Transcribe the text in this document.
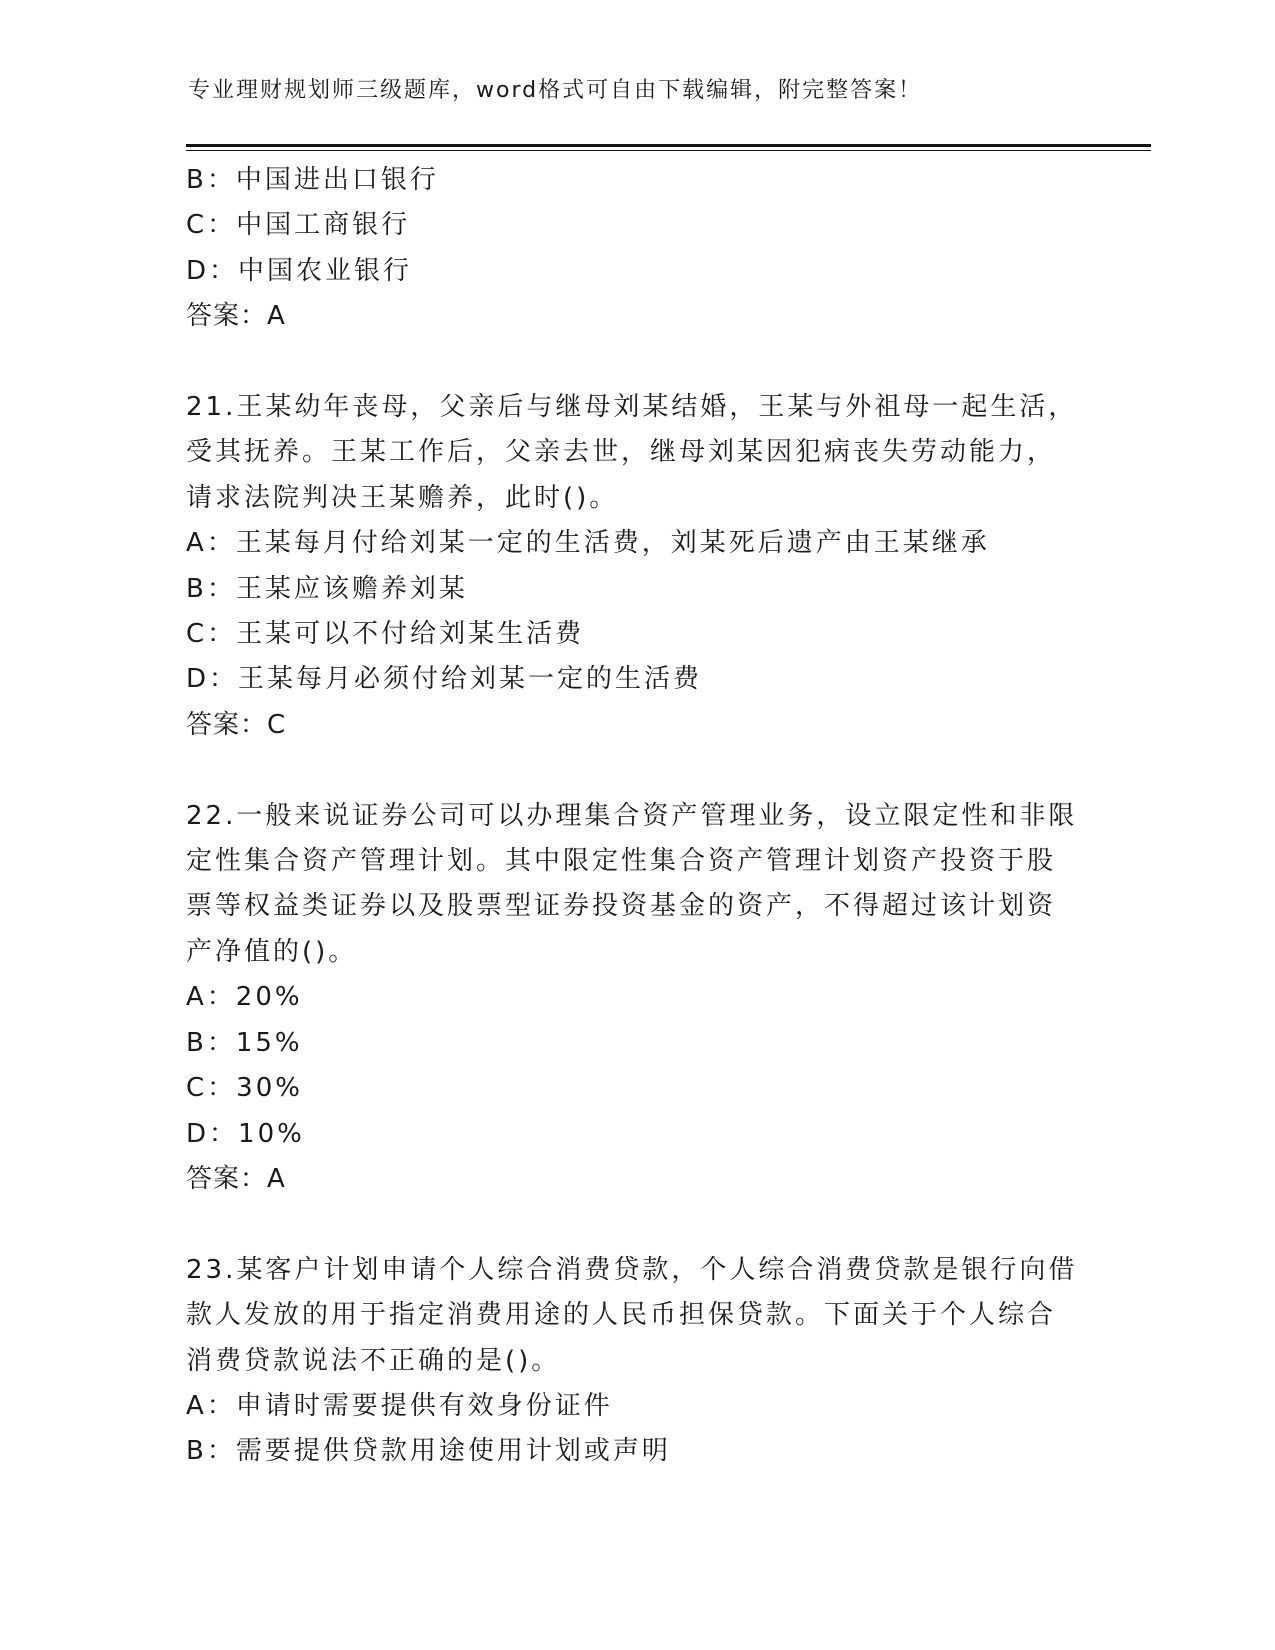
专业理财规划师三级题库，word格式可自由下载编辑，附完整答案！
B：中国进出口银行
C：中国工商银行
D：中国农业银行
答案：A
21.王某幼年丧母，父亲后与继母刘某结婚，王某与外祖母一起生活，
受其抚养。王某工作后，父亲去世，继母刘某因犯病丧失劳动能力，
请求法院判决王某赡养，此时()。
A：王某每月付给刘某一定的生活费，刘某死后遗产由王某继承
B：王某应该赡养刘某
C：王某可以不付给刘某生活费
D：王某每月必须付给刘某一定的生活费
答案：C
22.一般来说证券公司可以办理集合资产管理业务，设立限定性和非限
定性集合资产管理计划。其中限定性集合资产管理计划资产投资于股
票等权益类证券以及股票型证券投资基金的资产，不得超过该计划资
产净值的()。
A：20%
B：15%
C：30%
D：10%
答案：A
23.某客户计划申请个人综合消费贷款，个人综合消费贷款是银行向借
款人发放的用于指定消费用途的人民币担保贷款。下面关于个人综合
消费贷款说法不正确的是()。
A：申请时需要提供有效身份证件
B：需要提供贷款用途使用计划或声明
